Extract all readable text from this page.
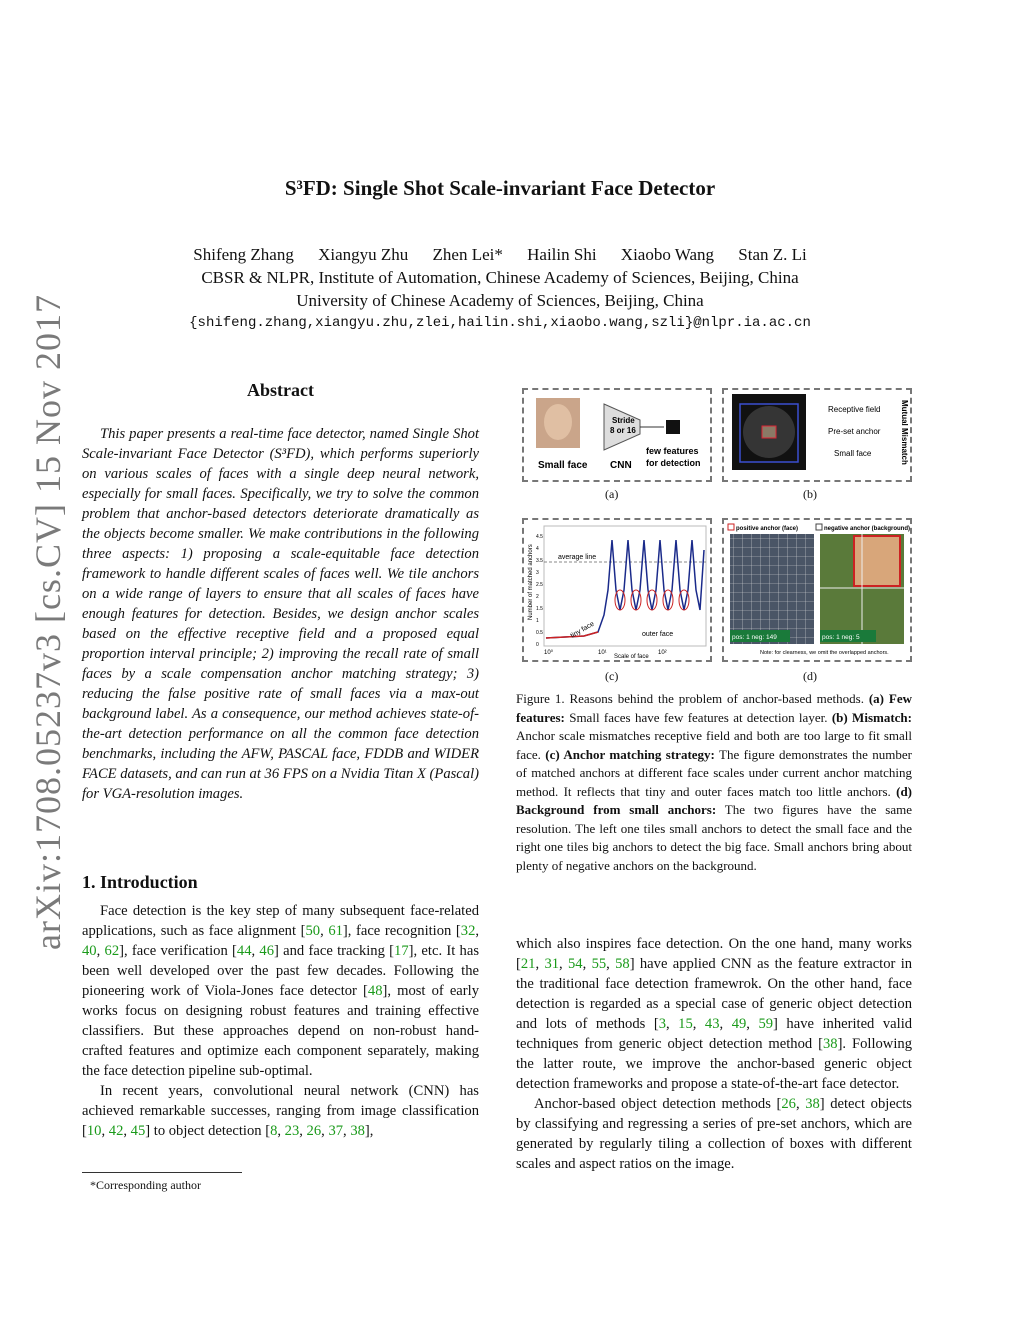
arXiv:1708.05237v3 [cs.CV] 15 Nov 2017
S³FD: Single Shot Scale-invariant Face Detector
Shifeng Zhang Xiangyu Zhu Zhen Lei* Hailin Shi Xiaobo Wang Stan Z. Li
CBSR & NLPR, Institute of Automation, Chinese Academy of Sciences, Beijing, China
University of Chinese Academy of Sciences, Beijing, China
{shifeng.zhang,xiangyu.zhu,zlei,hailin.shi,xiaobo.wang,szli}@nlpr.ia.ac.cn
Abstract

This paper presents a real-time face detector, named Single Shot Scale-invariant Face Detector (S³FD), which performs superiorly on various scales of faces with a single deep neural network, especially for small faces. Specifically, we try to solve the common problem that anchor-based detectors deteriorate dramatically as the objects become smaller. We make contributions in the following three aspects: 1) proposing a scale-equitable face detection framework to handle different scales of faces well. We tile anchors on a wide range of layers to ensure that all scales of faces have enough features for detection. Besides, we design anchor scales based on the effective receptive field and a proposed equal proportion interval principle; 2) improving the recall rate of small faces by a scale compensation anchor matching strategy; 3) reducing the false positive rate of small faces via a max-out background label. As a consequence, our method achieves state-of-the-art detection performance on all the common face detection benchmarks, including the AFW, PASCAL face, FDDB and WIDER FACE datasets, and can run at 36 FPS on a Nvidia Titan X (Pascal) for VGA-resolution images.

1. Introduction

Face detection is the key step of many subsequent face-related applications, such as face alignment [50, 61], face recognition [32, 40, 62], face verification [44, 46] and face tracking [17], etc. It has been well developed over the past few decades. Following the pioneering work of Viola-Jones face detector [48], most of early works focus on designing robust features and training effective classifiers. But these approaches depend on non-robust hand-crafted features and optimize each component separately, making the face detection pipeline sub-optimal.

In recent years, convolutional neural network (CNN) has achieved remarkable successes, ranging from image classification [10, 42, 45] to object detection [8, 23, 26, 37, 38],

*Corresponding author
Small face
Stride
8 or 16
CNN
few features
for detection
(a)
Receptive field
Pre-set anchor
Small face	Mutual Mismatch
(b)
average line
tiny face	outer face
Number of matched anchors
Scale of face
10⁰	10¹	10²
0
0.5
1
1.5
2
2.5
3
3.5
4
4.5
(c)
positive anchor (face)	negative anchor (background)
pos: 1 neg: 149	pos: 1 neg: 5
Note: for clearness, we omit the overlapped anchors.
(d)
Figure 1. Reasons behind the problem of anchor-based methods. (a) Few features: Small faces have few features at detection layer. (b) Mismatch: Anchor scale mismatches receptive field and both are too large to fit small face. (c) Anchor matching strategy: The figure demonstrates the number of matched anchors at different face scales under current anchor matching method. It reflects that tiny and outer faces match too little anchors. (d) Background from small anchors: The two figures have the same resolution. The left one tiles small anchors to detect the small face and the right one tiles big anchors to detect the big face. Small anchors bring about plenty of negative anchors on the background.

which also inspires face detection. On the one hand, many works [21, 31, 54, 55, 58] have applied CNN as the feature extractor in the traditional face detection framewrok. On the other hand, face detection is regarded as a special case of generic object detection and lots of methods [3, 15, 43, 49, 59] have inherited valid techniques from generic object detection method [38]. Following the latter route, we improve the anchor-based generic object detection frameworks and propose a state-of-the-art face detector.

Anchor-based object detection methods [26, 38] detect objects by classifying and regressing a series of pre-set anchors, which are generated by regularly tiling a collection of boxes with different scales and aspect ratios on the image.
